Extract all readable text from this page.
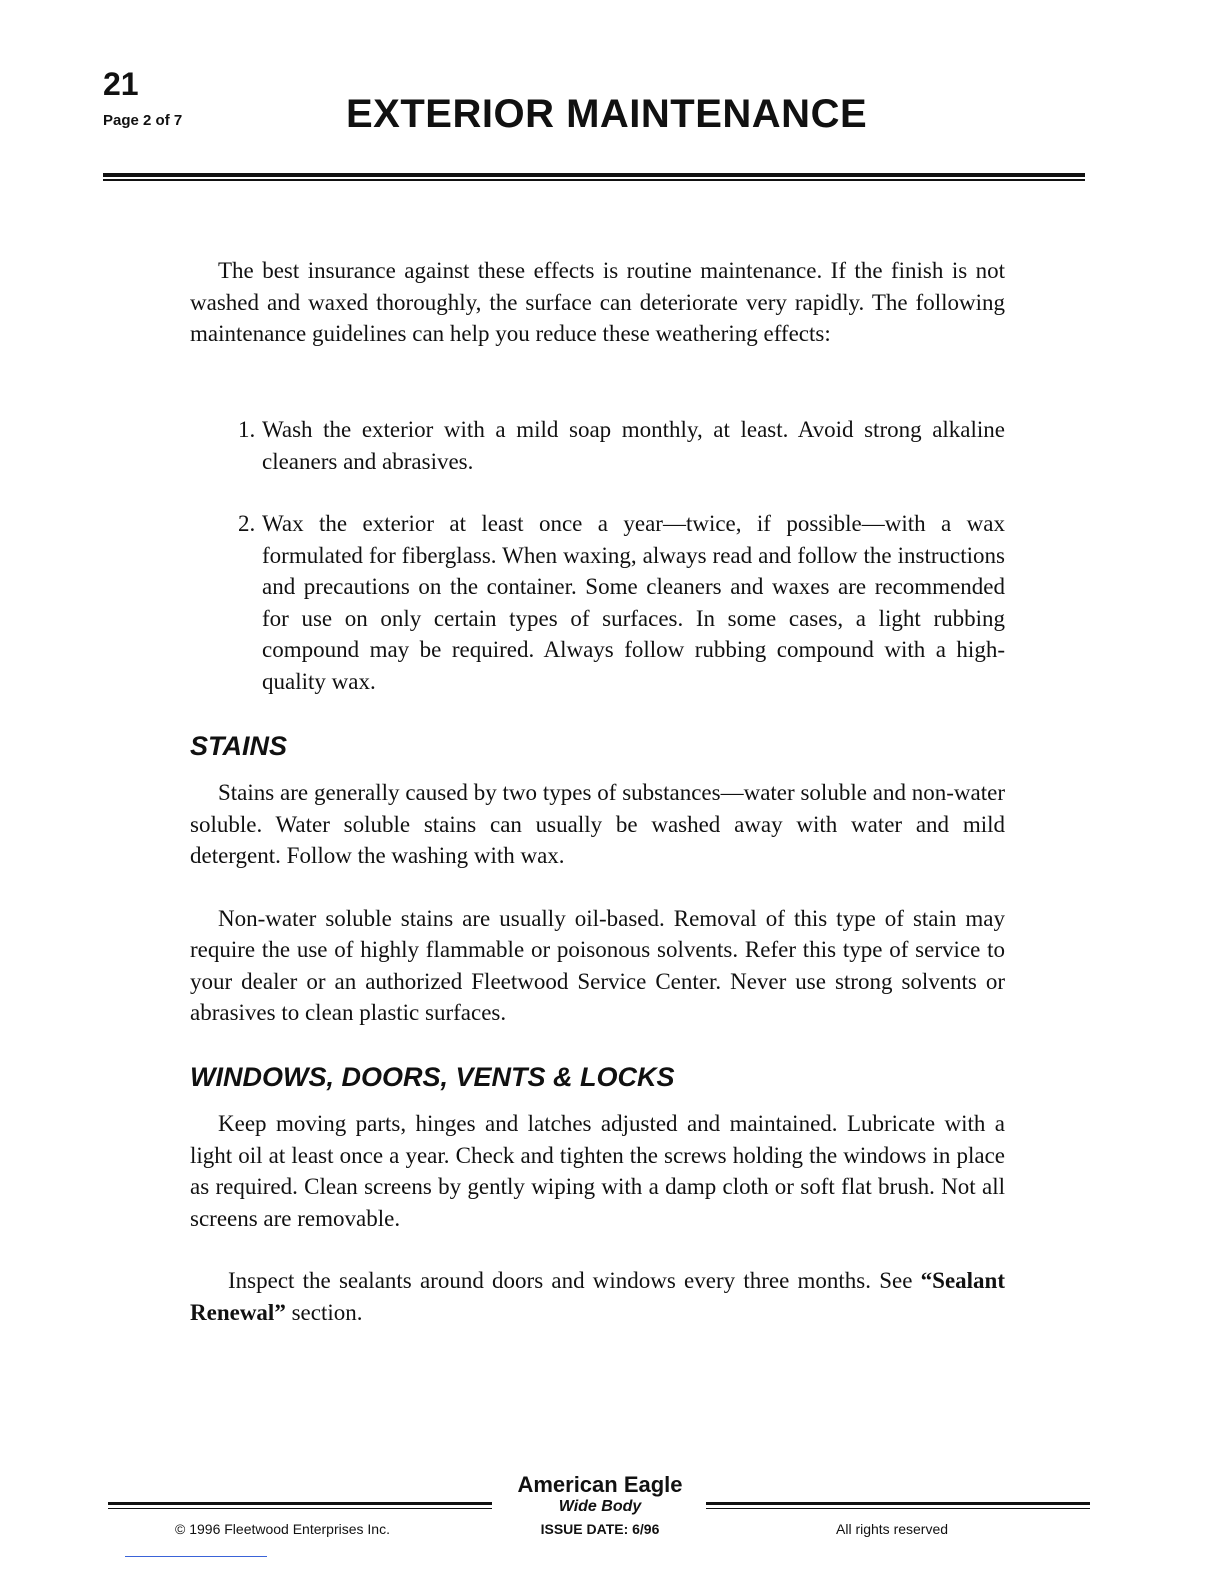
21
Page 2 of 7	EXTERIOR MAINTENANCE

The best insurance against these effects is routine maintenance. If the finish is not washed and waxed thoroughly, the surface can deteriorate very rapidly. The following maintenance guidelines can help you reduce these weathering effects:

1. Wash the exterior with a mild soap monthly, at least. Avoid strong alkaline cleaners and abrasives.
2. Wax the exterior at least once a year—twice, if possible—with a wax formulated for fiberglass. When waxing, always read and follow the instructions and precautions on the container. Some cleaners and waxes are recommended for use on only certain types of surfaces. In some cases, a light rubbing compound may be required. Always follow rubbing compound with a high-quality wax.
STAINS

Stains are generally caused by two types of substances—water soluble and non-water soluble. Water soluble stains can usually be washed away with water and mild detergent. Follow the washing with wax.

Non-water soluble stains are usually oil-based. Removal of this type of stain may require the use of highly flammable or poisonous solvents. Refer this type of service to your dealer or an authorized Fleetwood Service Center. Never use strong solvents or abrasives to clean plastic surfaces.

WINDOWS, DOORS, VENTS & LOCKS

Keep moving parts, hinges and latches adjusted and maintained. Lubricate with a light oil at least once a year. Check and tighten the screws holding the windows in place as required. Clean screens by gently wiping with a damp cloth or soft flat brush. Not all screens are removable.

Inspect the sealants around doors and windows every three months. See “Sealant Renewal” section.

American Eagle
Wide Body
ISSUE DATE: 6/96
© 1996 Fleetwood Enterprises Inc.	All rights reserved
